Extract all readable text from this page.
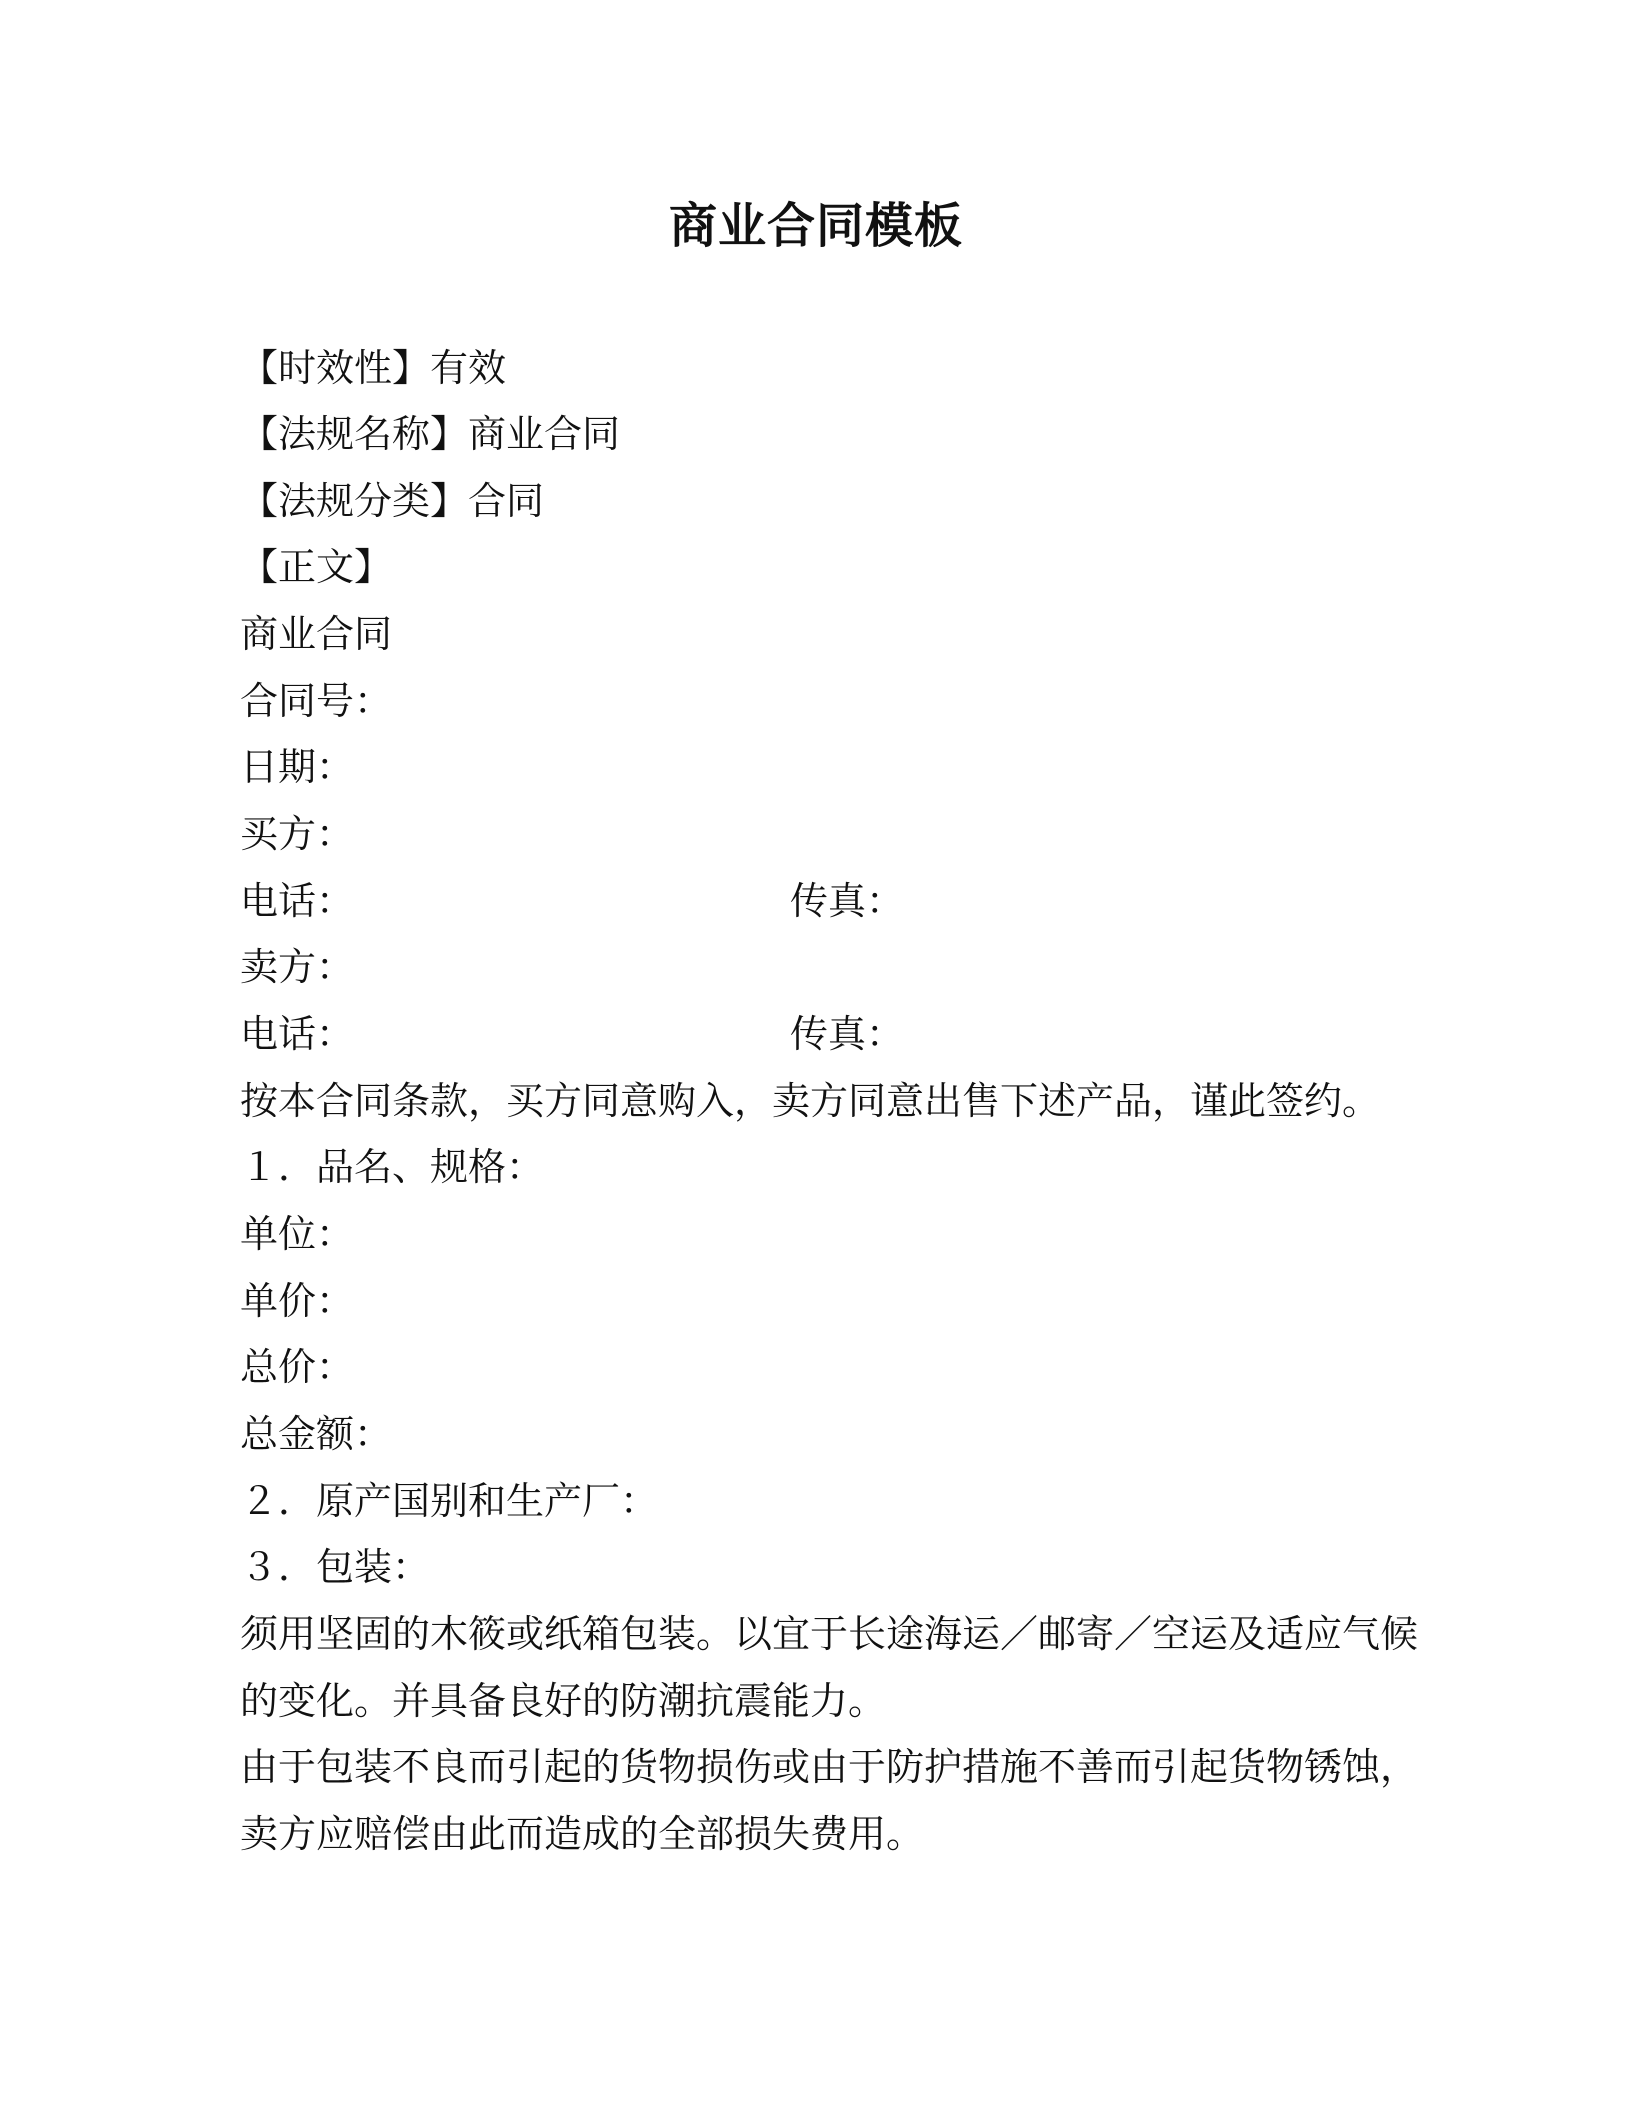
商业合同模板
【时效性】有效
【法规名称】商业合同
【法规分类】合同
【正文】
商业合同
合同号：
日期：
买方：
电话：	传真：
卖方：
电话：	传真：
按本合同条款，买方同意购入，卖方同意出售下述产品，谨此签约。
１．品名、规格：
单位：
单价：
总价：
总金额：
２．原产国别和生产厂：
３．包装：
须用坚固的木筱或纸箱包装。以宜于长途海运／邮寄／空运及适应气候
的变化。并具备良好的防潮抗震能力。
由于包装不良而引起的货物损伤或由于防护措施不善而引起货物锈蚀，
卖方应赔偿由此而造成的全部损失费用。
